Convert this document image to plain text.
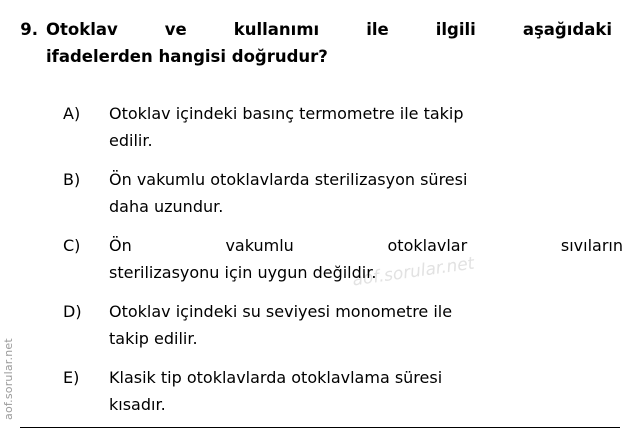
aof.sorular.net
aof.sorular.net
9. Otoklav	ve	kullanımı	ile	ilgili	aşağıdaki
ifadelerden hangisi doğrudur?
A)	Otoklav içindeki basınç termometre ile takip
edilir.
B)	Ön vakumlu otoklavlarda sterilizasyon süresi
daha uzundur.
C)	Ön	vakumlu	otoklavlar	sıvıların
sterilizasyonu için uygun değildir.
D)	Otoklav içindeki su seviyesi monometre ile
takip edilir.
E)	Klasik tip otoklavlarda otoklavlama süresi
kısadır.
